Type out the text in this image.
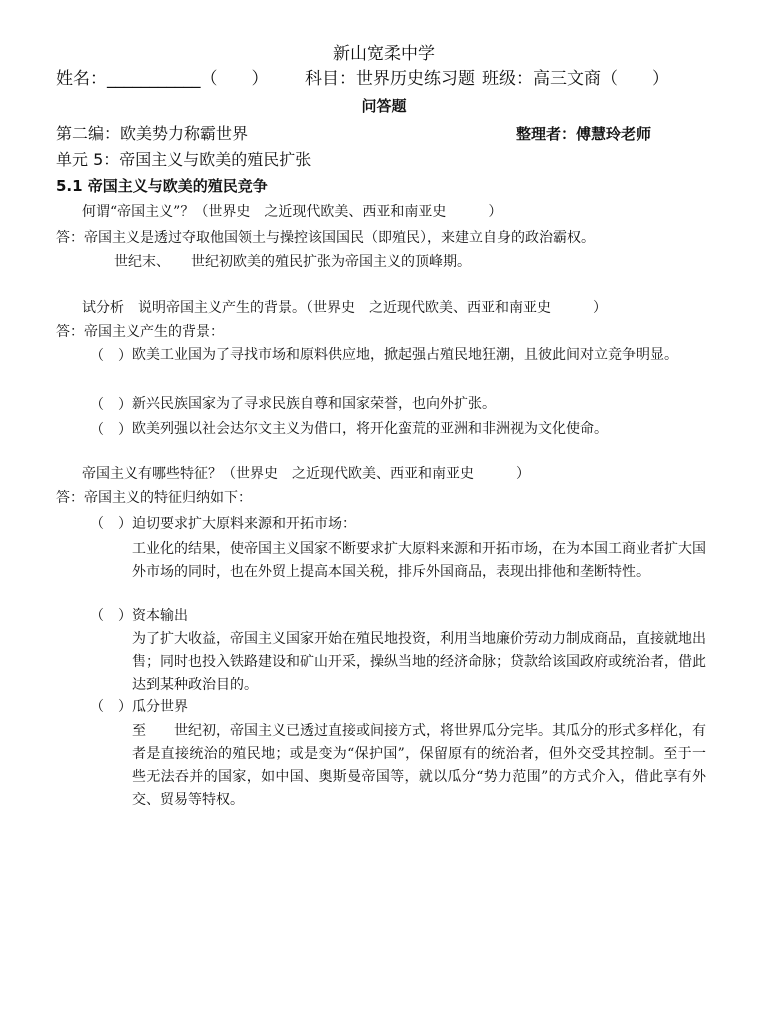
新山宽柔中学
姓名：___________（　　） 科目：世界历史练习题 班级：高三文商（　　）
问答题
第二编：欧美势力称霸世界	整理者：傅慧玲老师
单元 5：帝国主义与欧美的殖民扩张
5.1 帝国主义与欧美的殖民竞争
何谓“帝国主义”？（世界史　之近现代欧美、西亚和南亚史　　　）
答：帝国主义是透过夺取他国领土与操控该国国民（即殖民），来建立自身的政治霸权。
世纪末、　　世纪初欧美的殖民扩张为帝国主义的顶峰期。
试分析　说明帝国主义产生的背景。（世界史　之近现代欧美、西亚和南亚史　　　）
答：帝国主义产生的背景：
（　） 欧美工业国为了寻找市场和原料供应地，掀起强占殖民地狂潮，且彼此间对立竞争明显。
（　） 新兴民族国家为了寻求民族自尊和国家荣誉，也向外扩张。
（　） 欧美列强以社会达尔文主义为借口，将开化蛮荒的亚洲和非洲视为文化使命。
帝国主义有哪些特征？（世界史　之近现代欧美、西亚和南亚史　　　）
答：帝国主义的特征归纳如下：
（　） 迫切要求扩大原料来源和开拓市场：
工业化的结果，使帝国主义国家不断要求扩大原料来源和开拓市场，在为本国工商业者扩大国外市场的同时，也在外贸上提高本国关税，排斥外国商品，表现出排他和垄断特性。
（　） 资本输出
为了扩大收益，帝国主义国家开始在殖民地投资，利用当地廉价劳动力制成商品，直接就地出售；同时也投入铁路建设和矿山开采，操纵当地的经济命脉；贷款给该国政府或统治者，借此达到某种政治目的。
（　） 瓜分世界
至　　世纪初，帝国主义已透过直接或间接方式，将世界瓜分完毕。其瓜分的形式多样化，有者是直接统治的殖民地；或是变为“保护国”，保留原有的统治者，但外交受其控制。至于一些无法吞并的国家，如中国、奥斯曼帝国等，就以瓜分“势力范围”的方式介入，借此享有外交、贸易等特权。
